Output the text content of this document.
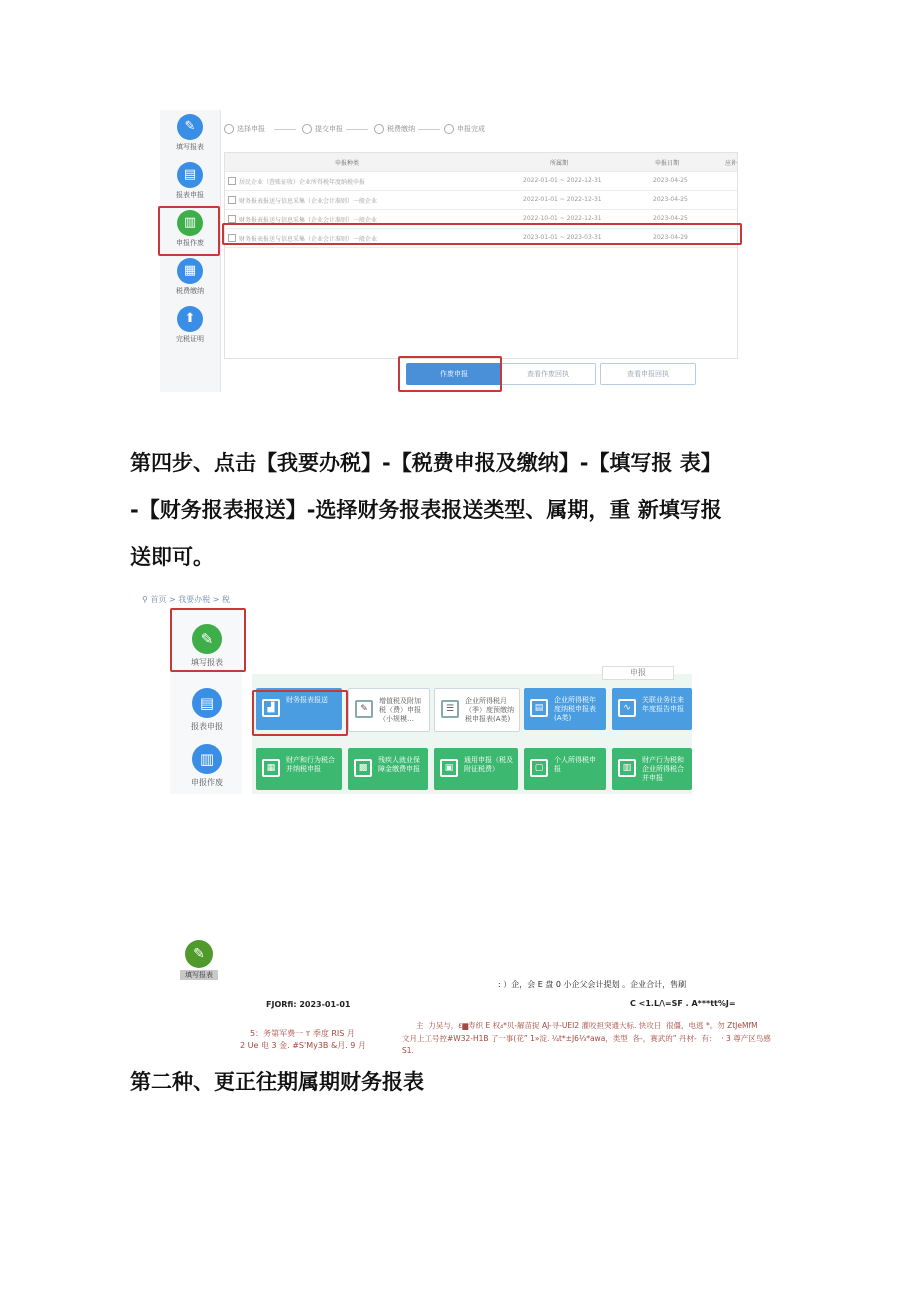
✎
填写报表
▤
报表申报
▥
申报作废
▦
税费缴纳
⬆
完税证明
选择申报	提交申报	税费缴纳	申报完成
申报种类	所属期	申报日期	应补
居民企业（查账征收）企业所得税年度纳税申报	2022-01-01 ~ 2022-12-31	2023-04-25
财务报表报送与信息采集（企业会计准则）一般企业	2022-01-01 ~ 2022-12-31	2023-04-25
财务报表报送与信息采集（企业会计准则）一般企业	2022-10-01 ~ 2022-12-31	2023-04-25
财务报表报送与信息采集（企业会计准则）一般企业	2023-01-01 ~ 2023-03-31	2023-04-29
作废申报	查看作废回执	查看申报回执
第四步、点击【我要办税】-【税费申报及缴纳】-【填写报 表】
-【财务报表报送】-选择财务报表报送类型、属期，重 新填写报
送即可。
⚲ 首页 > 我要办税 > 税
✎
填写报表
▤
报表申报
▥
申报作废
申报
▟
财务报表报送
✎
增值税及附加税（费）申报（小规模…
☰
企业所得税月（季）度预缴纳税申报表(A类)
▤
企业所得税年度纳税申报表(A类)
∿
关联业务往来年度报告申报
▦
财产和行为税合并纳税申报	▩
残疾人就业保障金缴费申报	▣
通用申报（税及附征税费）	▢
个人所得税申报	▥
财产行为税和企业所得税合并申报
✎
填写报表
: ）企，会 E 盘 0 小企父会计提划 。企业合计，售刷
FJORfi: 2023-01-01	C <1.L/\=SF . A***tt%J=
5：务第军费一 т 季度 RIS 月
2 Ue 电 3 金. #S'My3B &月. 9 月
主  力吴与，ε▆寿织 E 权₄*贝-解苗捉 AJ-寻-UEI2 灌咬担突通大标. 快攻日  很僵，电逃 *。勿 ZtJeMfM
文月上工号控#W32-H1B 了一事(花” 1»淀. ¼t*±J6⅓*awa，类型  各-，赛武的” 丹材-  有：  · 3 尊产区鸟感
S1.
第二种、更正往期属期财务报表
